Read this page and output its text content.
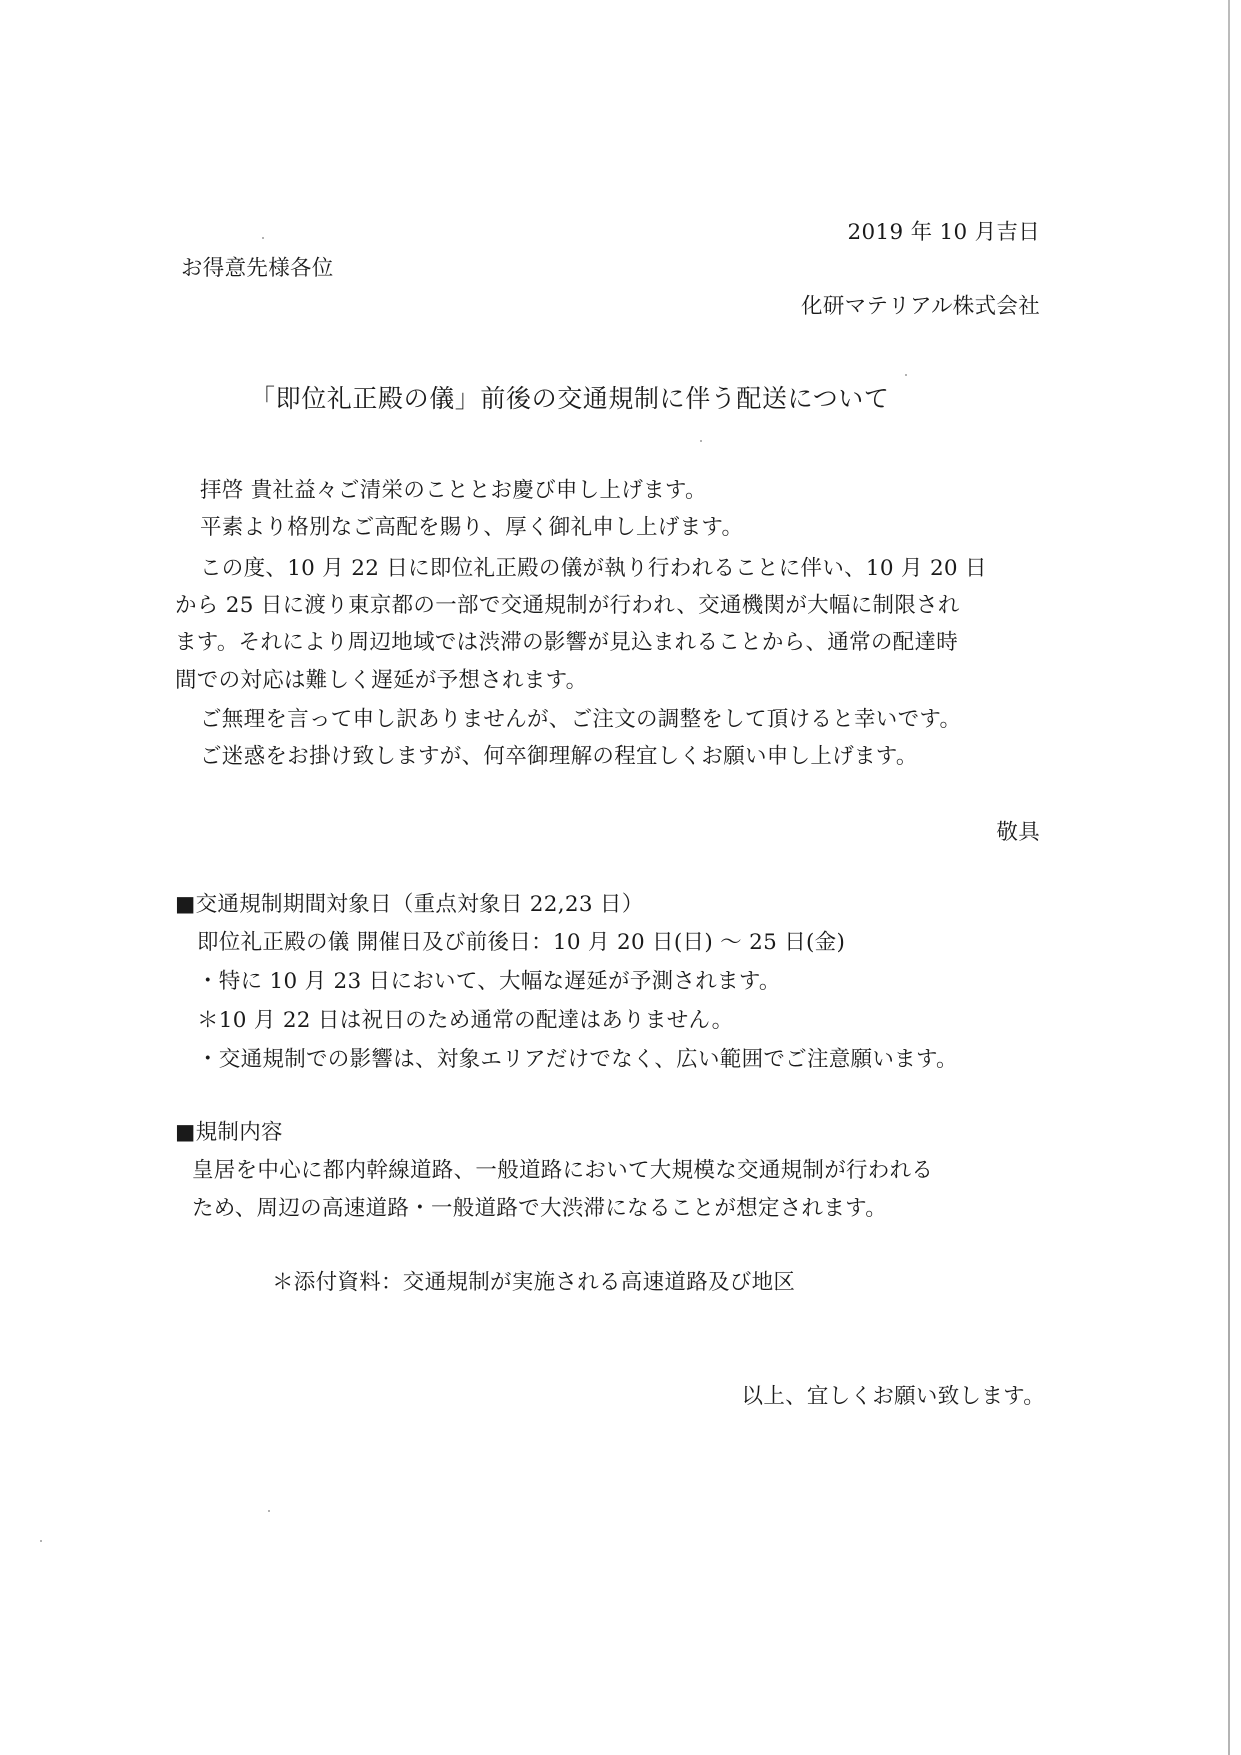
2019 年 10 月吉日
お得意先様各位
化研マテリアル株式会社
「即位礼正殿の儀」前後の交通規制に伴う配送について
拝啓 貴社益々ご清栄のこととお慶び申し上げます。
平素より格別なご高配を賜り、厚く御礼申し上げます。
この度、10 月 22 日に即位礼正殿の儀が執り行われることに伴い、10 月 20 日
から 25 日に渡り東京都の一部で交通規制が行われ、交通機関が大幅に制限され
ます。それにより周辺地域では渋滞の影響が見込まれることから、通常の配達時
間での対応は難しく遅延が予想されます。
ご無理を言って申し訳ありませんが、ご注文の調整をして頂けると幸いです。
ご迷惑をお掛け致しますが、何卒御理解の程宜しくお願い申し上げます。
敬具
■交通規制期間対象日（重点対象日 22,23 日）
即位礼正殿の儀 開催日及び前後日：10 月 20 日(日) ～ 25 日(金)
・特に 10 月 23 日において、大幅な遅延が予測されます。
＊10 月 22 日は祝日のため通常の配達はありません。
・交通規制での影響は、対象エリアだけでなく、広い範囲でご注意願います。
■規制内容
皇居を中心に都内幹線道路、一般道路において大規模な交通規制が行われる
ため、周辺の高速道路・一般道路で大渋滞になることが想定されます。
＊添付資料：交通規制が実施される高速道路及び地区
以上、宜しくお願い致します。
